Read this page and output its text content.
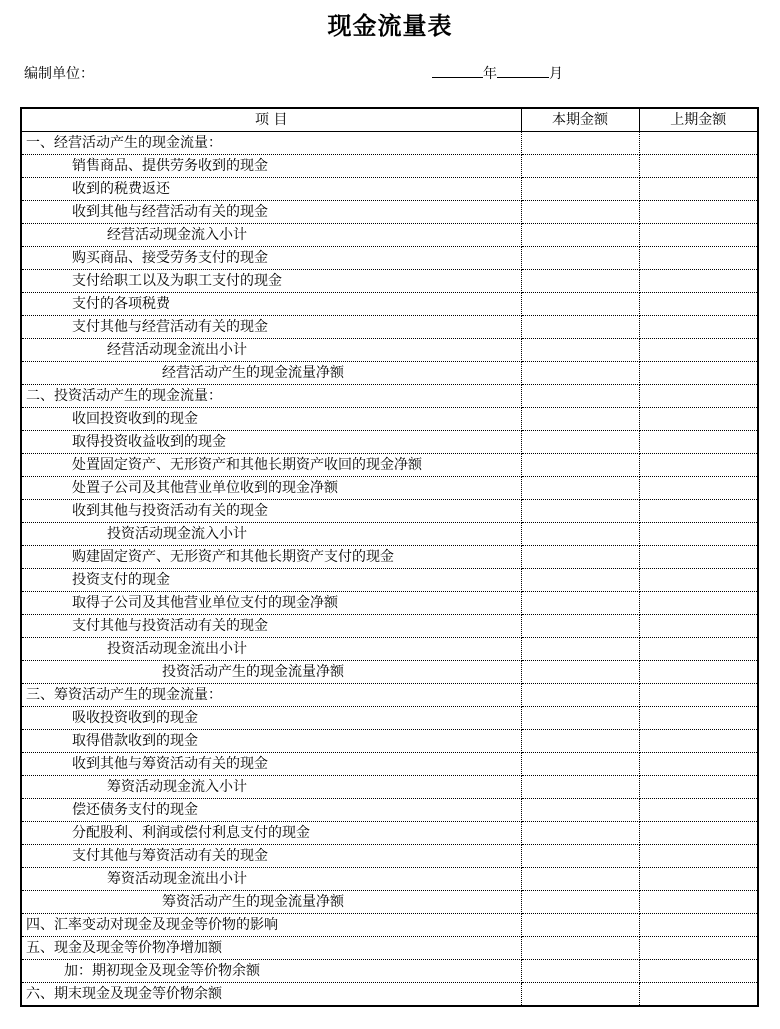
现金流量表
编制单位：	年	月
项 目	本期金额	上期金额
一、经营活动产生的现金流量：		
销售商品、提供劳务收到的现金		
收到的税费返还		
收到其他与经营活动有关的现金		
经营活动现金流入小计		
购买商品、接受劳务支付的现金		
支付给职工以及为职工支付的现金		
支付的各项税费		
支付其他与经营活动有关的现金		
经营活动现金流出小计		
经营活动产生的现金流量净额		
二、投资活动产生的现金流量：		
收回投资收到的现金		
取得投资收益收到的现金		
处置固定资产、无形资产和其他长期资产收回的现金净额		
处置子公司及其他营业单位收到的现金净额		
收到其他与投资活动有关的现金		
投资活动现金流入小计		
购建固定资产、无形资产和其他长期资产支付的现金		
投资支付的现金		
取得子公司及其他营业单位支付的现金净额		
支付其他与投资活动有关的现金		
投资活动现金流出小计		
投资活动产生的现金流量净额		
三、筹资活动产生的现金流量：		
吸收投资收到的现金		
取得借款收到的现金		
收到其他与筹资活动有关的现金		
筹资活动现金流入小计		
偿还债务支付的现金		
分配股利、利润或偿付利息支付的现金		
支付其他与筹资活动有关的现金		
筹资活动现金流出小计		
筹资活动产生的现金流量净额		
四、汇率变动对现金及现金等价物的影响		
五、现金及现金等价物净增加额		
加：期初现金及现金等价物余额		
六、期末现金及现金等价物余额		
